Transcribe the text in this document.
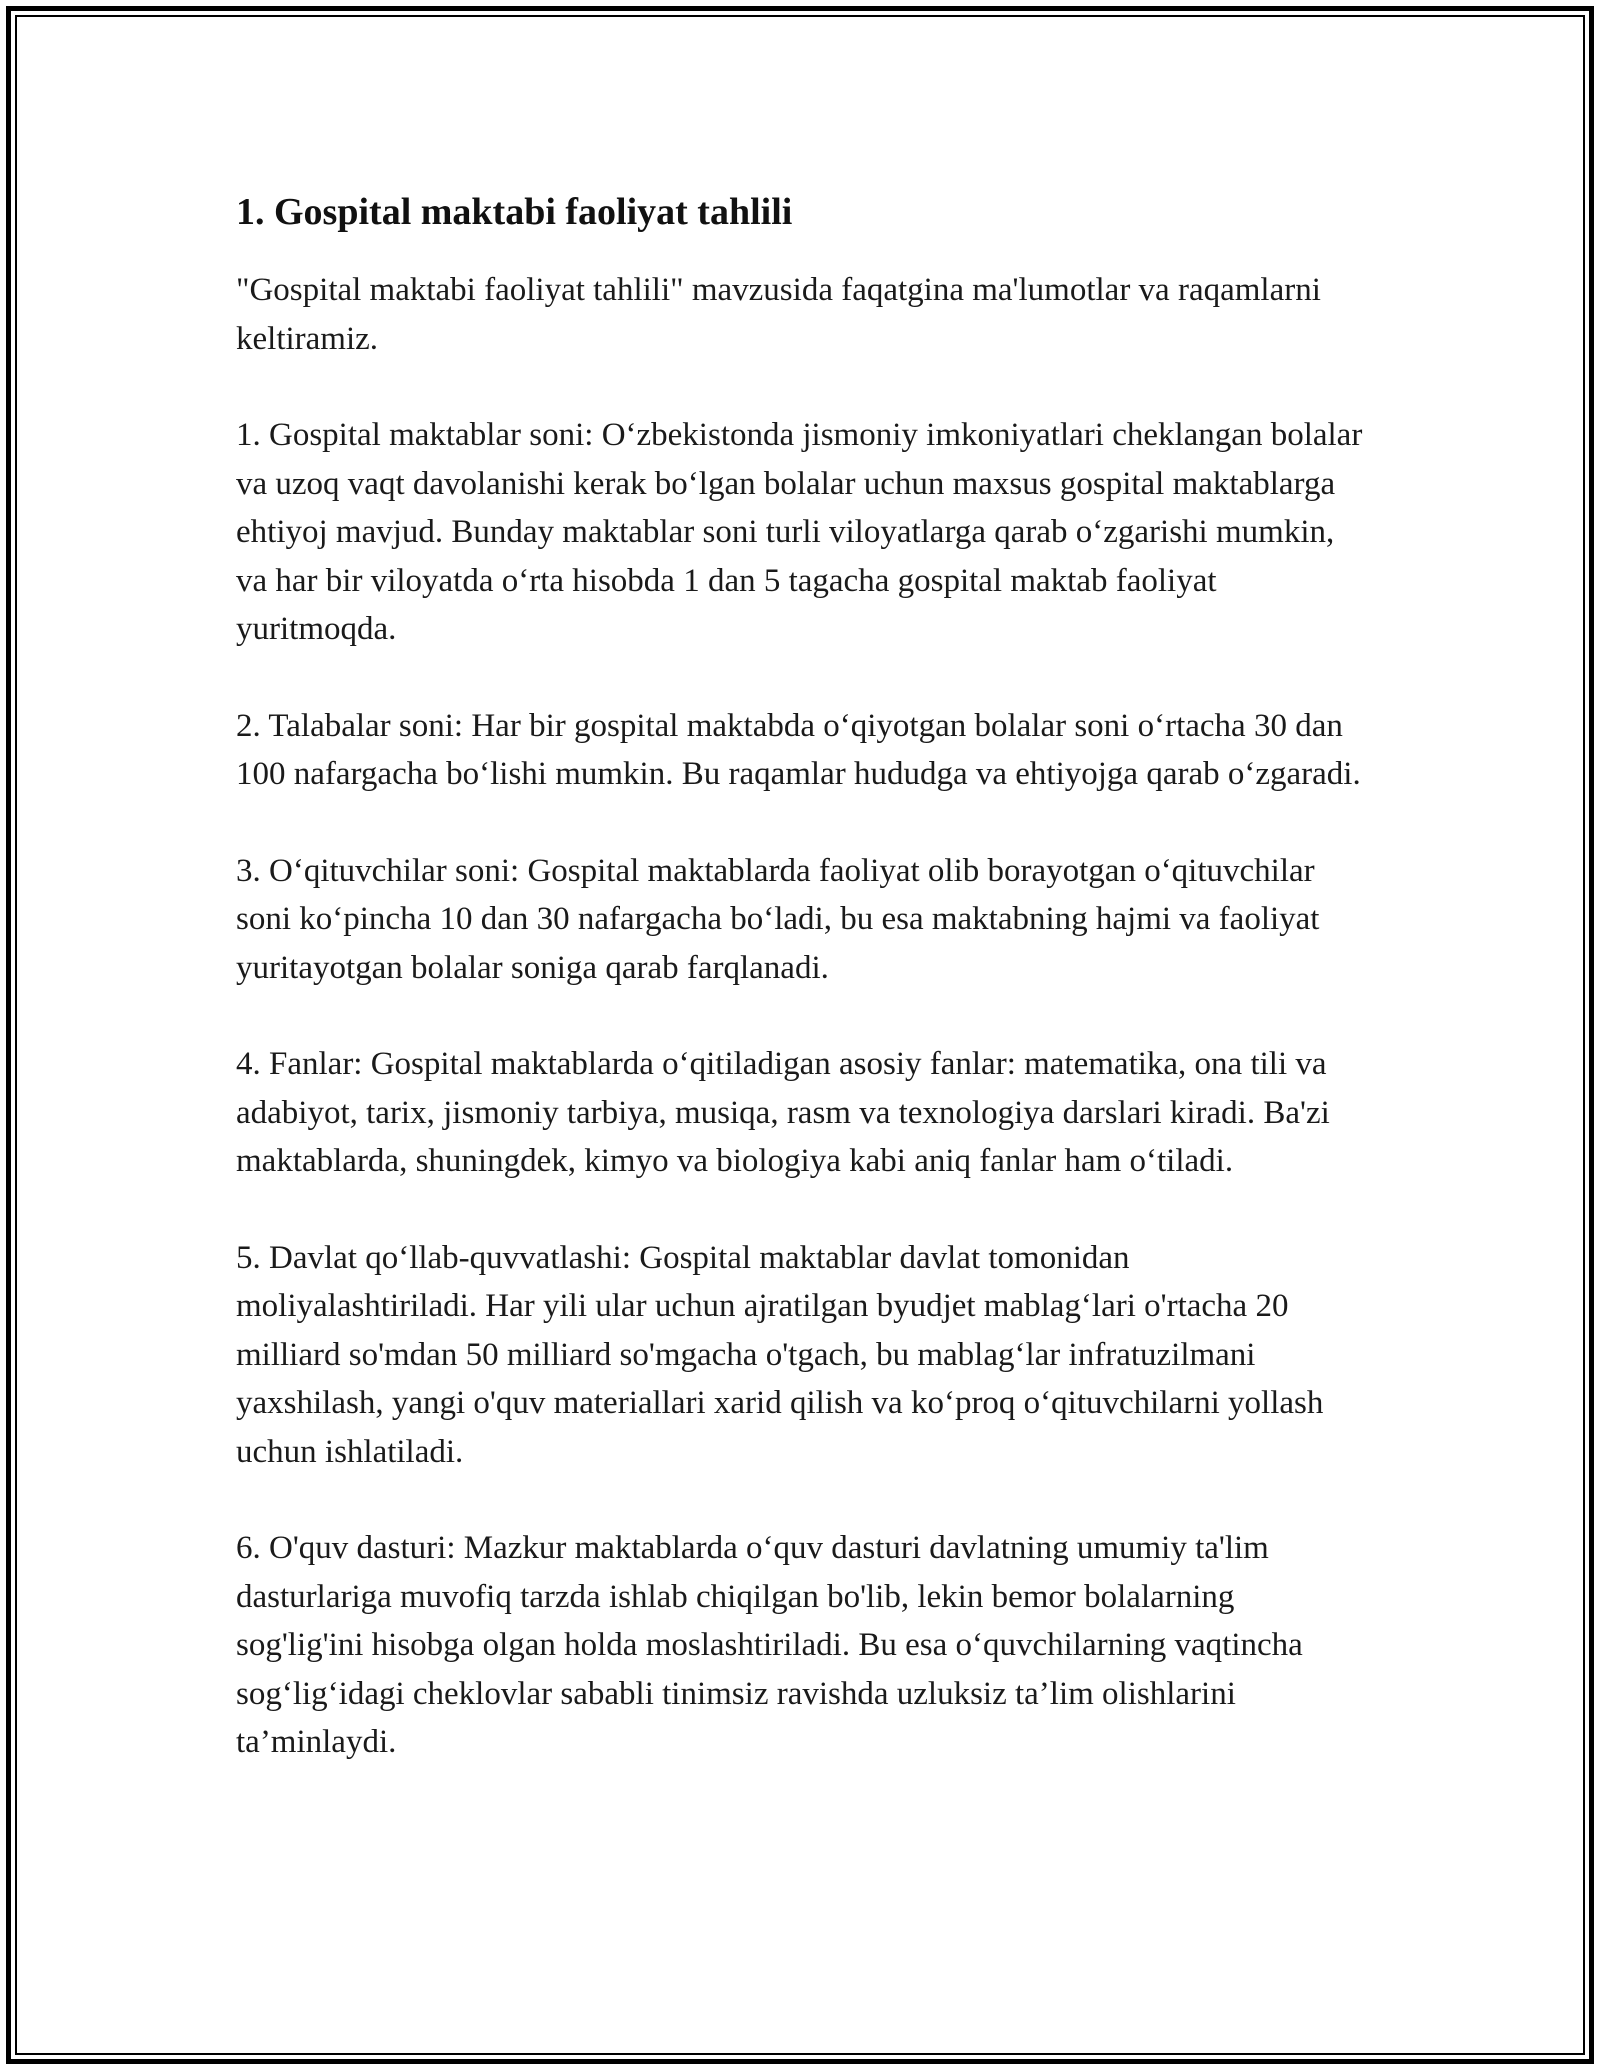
1. Gospital maktabi faoliyat tahlili

"Gospital maktabi faoliyat tahlili" mavzusida faqatgina ma'lumotlar va raqamlarni keltiramiz.

1. Gospital maktablar soni: O‘zbekistonda jismoniy imkoniyatlari cheklangan bolalar va uzoq vaqt davolanishi kerak bo‘lgan bolalar uchun maxsus gospital maktablarga ehtiyoj mavjud. Bunday maktablar soni turli viloyatlarga qarab o‘zgarishi mumkin, va har bir viloyatda o‘rta hisobda 1 dan 5 tagacha gospital maktab faoliyat yuritmoqda.

2. Talabalar soni: Har bir gospital maktabda o‘qiyotgan bolalar soni o‘rtacha 30 dan 100 nafargacha bo‘lishi mumkin. Bu raqamlar hududga va ehtiyojga qarab o‘zgaradi.

3. O‘qituvchilar soni: Gospital maktablarda faoliyat olib borayotgan o‘qituvchilar soni ko‘pincha 10 dan 30 nafargacha bo‘ladi, bu esa maktabning hajmi va faoliyat yuritayotgan bolalar soniga qarab farqlanadi.

4. Fanlar: Gospital maktablarda o‘qitiladigan asosiy fanlar: matematika, ona tili va adabiyot, tarix, jismoniy tarbiya, musiqa, rasm va texnologiya darslari kiradi. Ba'zi maktablarda, shuningdek, kimyo va biologiya kabi aniq fanlar ham o‘tiladi.

5. Davlat qo‘llab-quvvatlashi: Gospital maktablar davlat tomonidan moliyalashtiriladi. Har yili ular uchun ajratilgan byudjet mablag‘lari o'rtacha 20 milliard so'mdan 50 milliard so'mgacha o'tgach, bu mablag‘lar infratuzilmani yaxshilash, yangi o'quv materiallari xarid qilish va ko‘proq o‘qituvchilarni yollash uchun ishlatiladi.

6. O'quv dasturi: Mazkur maktablarda o‘quv dasturi davlatning umumiy ta'lim dasturlariga muvofiq tarzda ishlab chiqilgan bo'lib, lekin bemor bolalarning sog'lig'ini hisobga olgan holda moslashtiriladi. Bu esa o‘quvchilarning vaqtincha sog‘lig‘idagi cheklovlar sababli tinimsiz ravishda uzluksiz ta’lim olishlarini ta’minlaydi.
